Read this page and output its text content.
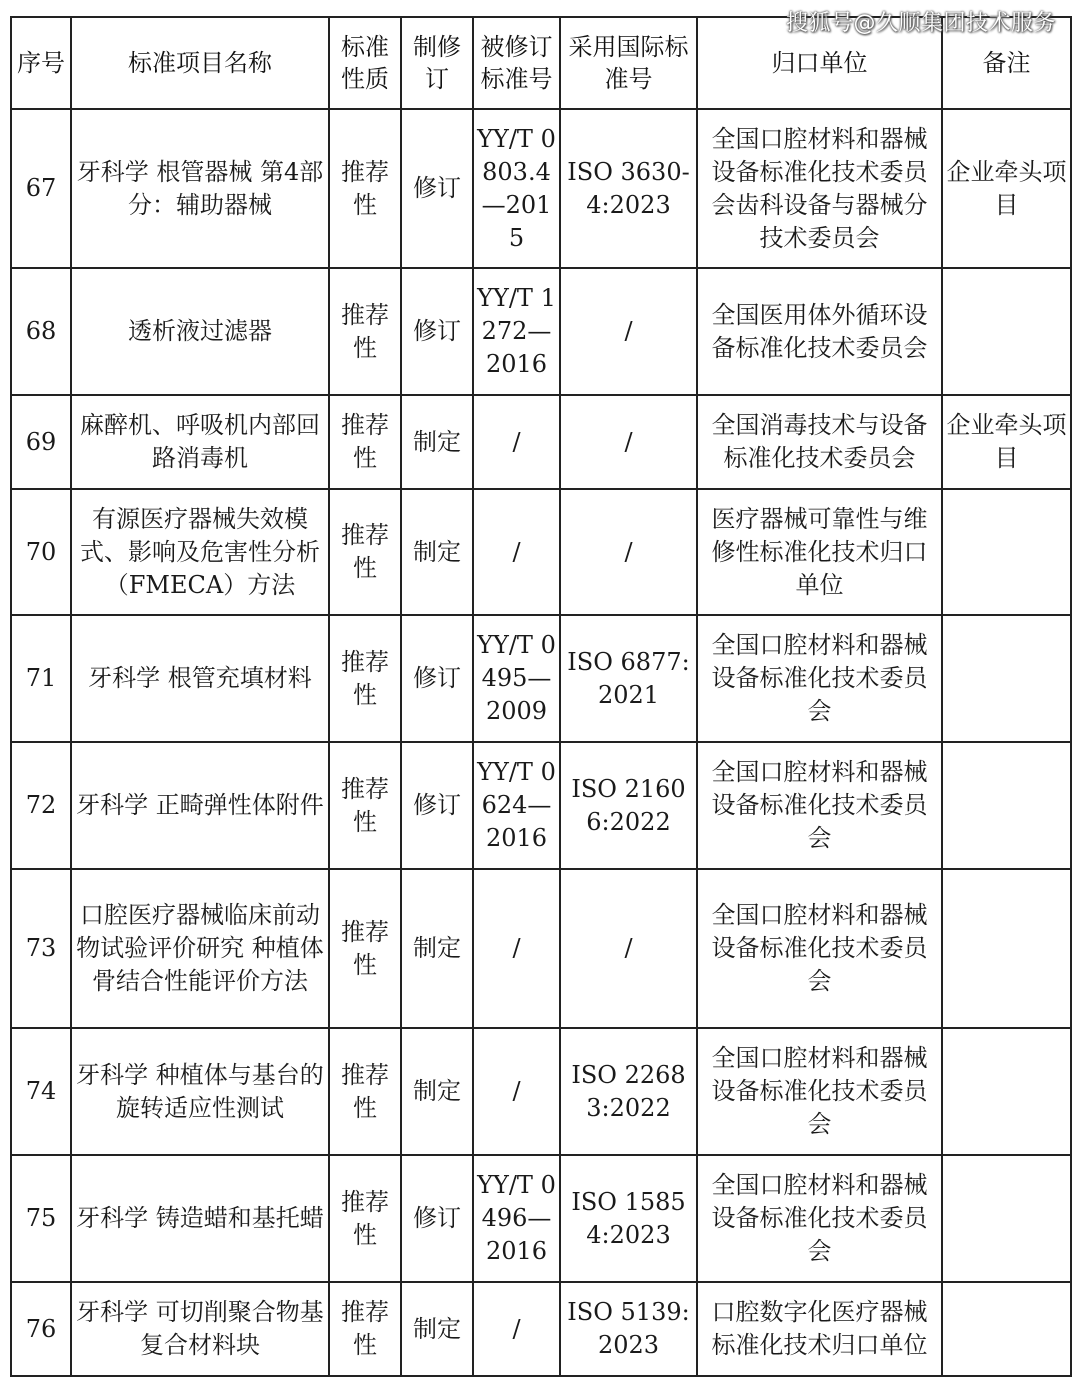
搜狐号@久顺集团技术服务
序号	标准项目名称	标准性质	制修订	被修订标准号	采用国际标准号	归口单位	备注
67	牙科学 根管器械 第4部分：辅助器械	推荐性	修订	YY/T 0803.4—2015	ISO 3630-4:2023	全国口腔材料和器械设备标准化技术委员会齿科设备与器械分技术委员会	企业牵头项目
68	透析液过滤器	推荐性	修订	YY/T 1272—2016	/	全国医用体外循环设备标准化技术委员会	
69	麻醉机、呼吸机内部回路消毒机	推荐性	制定	/	/	全国消毒技术与设备标准化技术委员会	企业牵头项目
70	有源医疗器械失效模式、影响及危害性分析（FMECA）方法	推荐性	制定	/	/	医疗器械可靠性与维修性标准化技术归口单位	
71	牙科学 根管充填材料	推荐性	修订	YY/T 0495—2009	ISO 6877:2021	全国口腔材料和器械设备标准化技术委员会	
72	牙科学 正畸弹性体附件	推荐性	修订	YY/T 0624—2016	ISO 21606:2022	全国口腔材料和器械设备标准化技术委员会	
73	口腔医疗器械临床前动物试验评价研究 种植体骨结合性能评价方法	推荐性	制定	/	/	全国口腔材料和器械设备标准化技术委员会	
74	牙科学 种植体与基台的旋转适应性测试	推荐性	制定	/	ISO 22683:2022	全国口腔材料和器械设备标准化技术委员会	
75	牙科学 铸造蜡和基托蜡	推荐性	修订	YY/T 0496—2016	ISO 15854:2023	全国口腔材料和器械设备标准化技术委员会	
76	牙科学 可切削聚合物基复合材料块	推荐性	制定	/	ISO 5139:2023	口腔数字化医疗器械标准化技术归口单位	
